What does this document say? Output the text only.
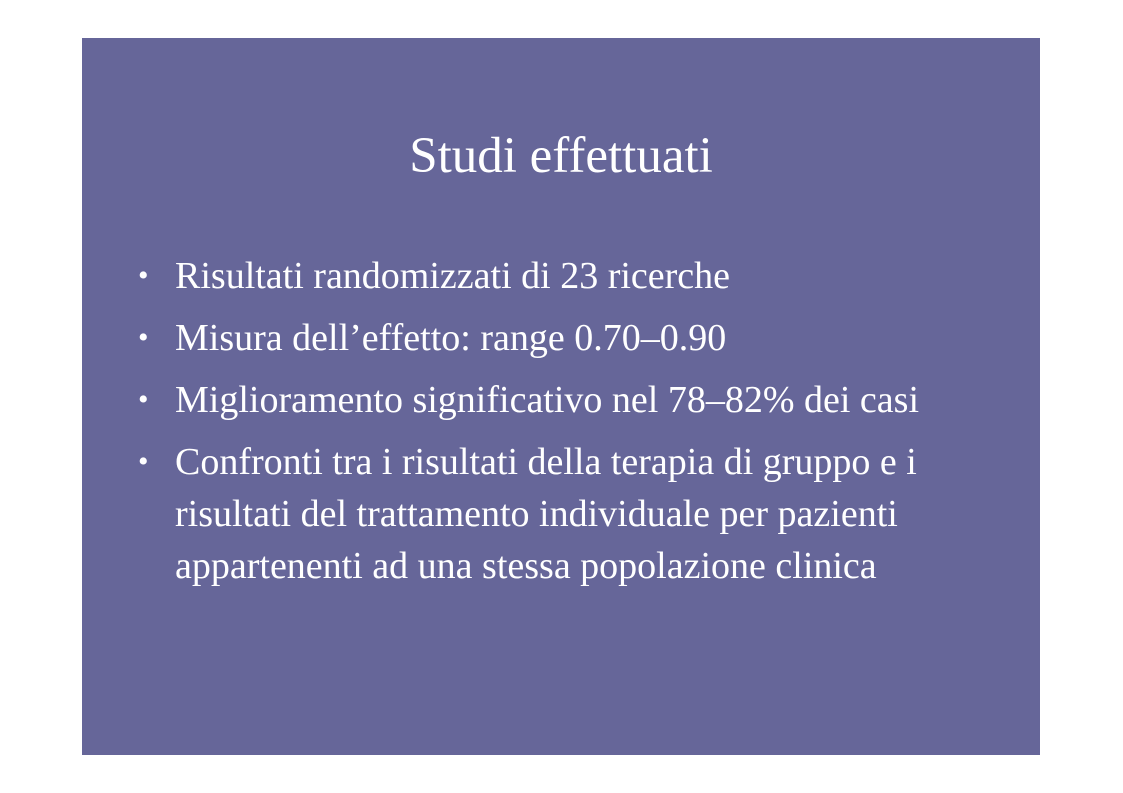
Studi effettuati
• Risultati randomizzati di 23 ricerche
• Misura dell’effetto: range 0.70–0.90
• Miglioramento significativo nel 78–82% dei casi
• Confronti tra i risultati della terapia di gruppo e i risultati del trattamento individuale per pazienti appartenenti ad una stessa popolazione clinica
